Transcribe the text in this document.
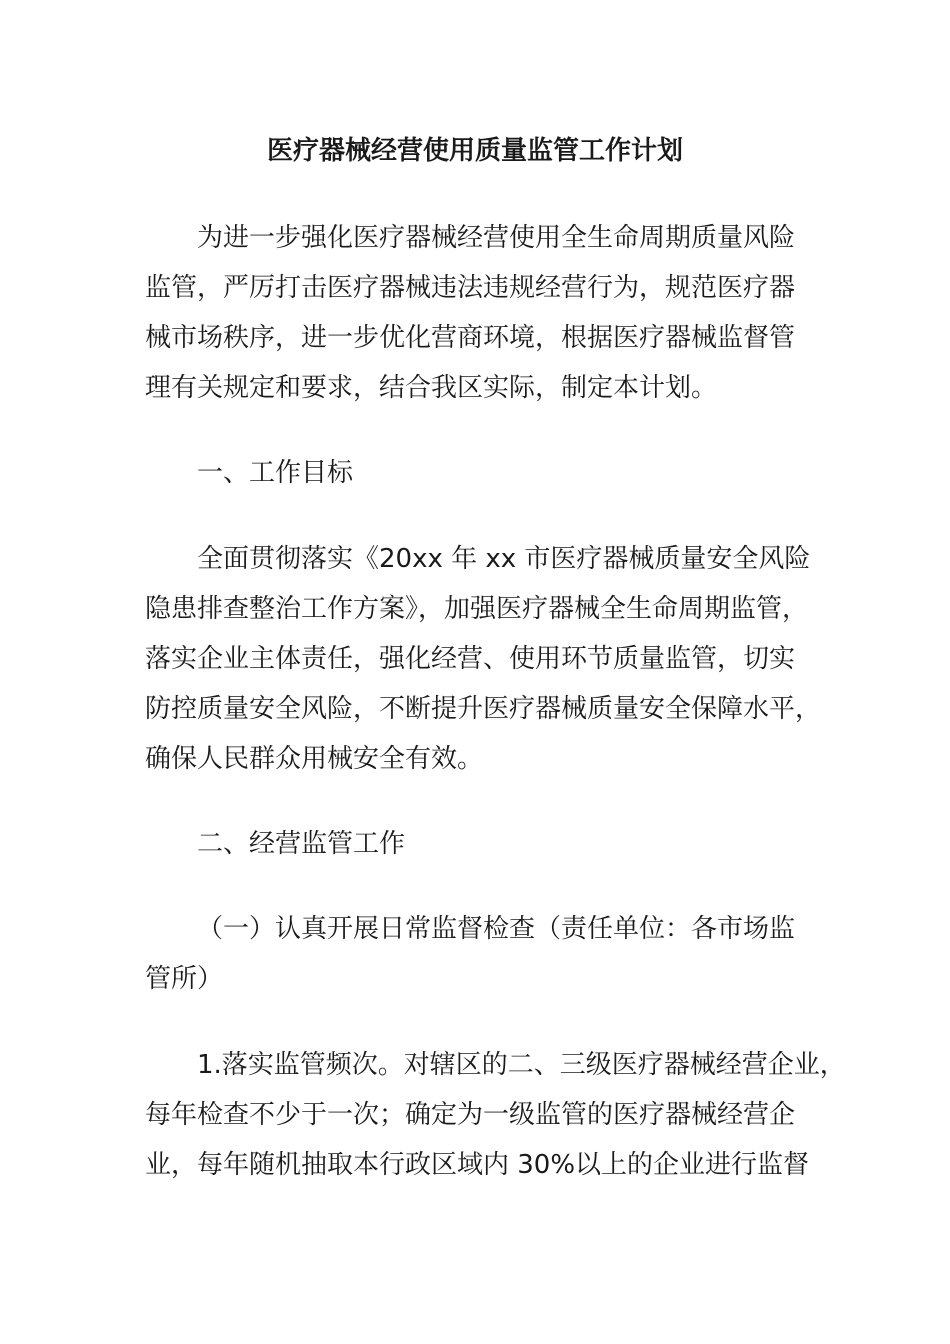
医疗器械经营使用质量监管工作计划
为进一步强化医疗器械经营使用全生命周期质量风险
监管，严厉打击医疗器械违法违规经营行为，规范医疗器
械市场秩序，进一步优化营商环境，根据医疗器械监督管
理有关规定和要求，结合我区实际，制定本计划。
一、工作目标
全面贯彻落实《20xx 年 xx 市医疗器械质量安全风险
隐患排查整治工作方案》，加强医疗器械全生命周期监管，
落实企业主体责任，强化经营、使用环节质量监管，切实
防控质量安全风险，不断提升医疗器械质量安全保障水平，
确保人民群众用械安全有效。
二、经营监管工作
（一）认真开展日常监督检查（责任单位：各市场监
管所）
1.落实监管频次。对辖区的二、三级医疗器械经营企业，
每年检查不少于一次；确定为一级监管的医疗器械经营企
业，每年随机抽取本行政区域内 30%以上的企业进行监督
